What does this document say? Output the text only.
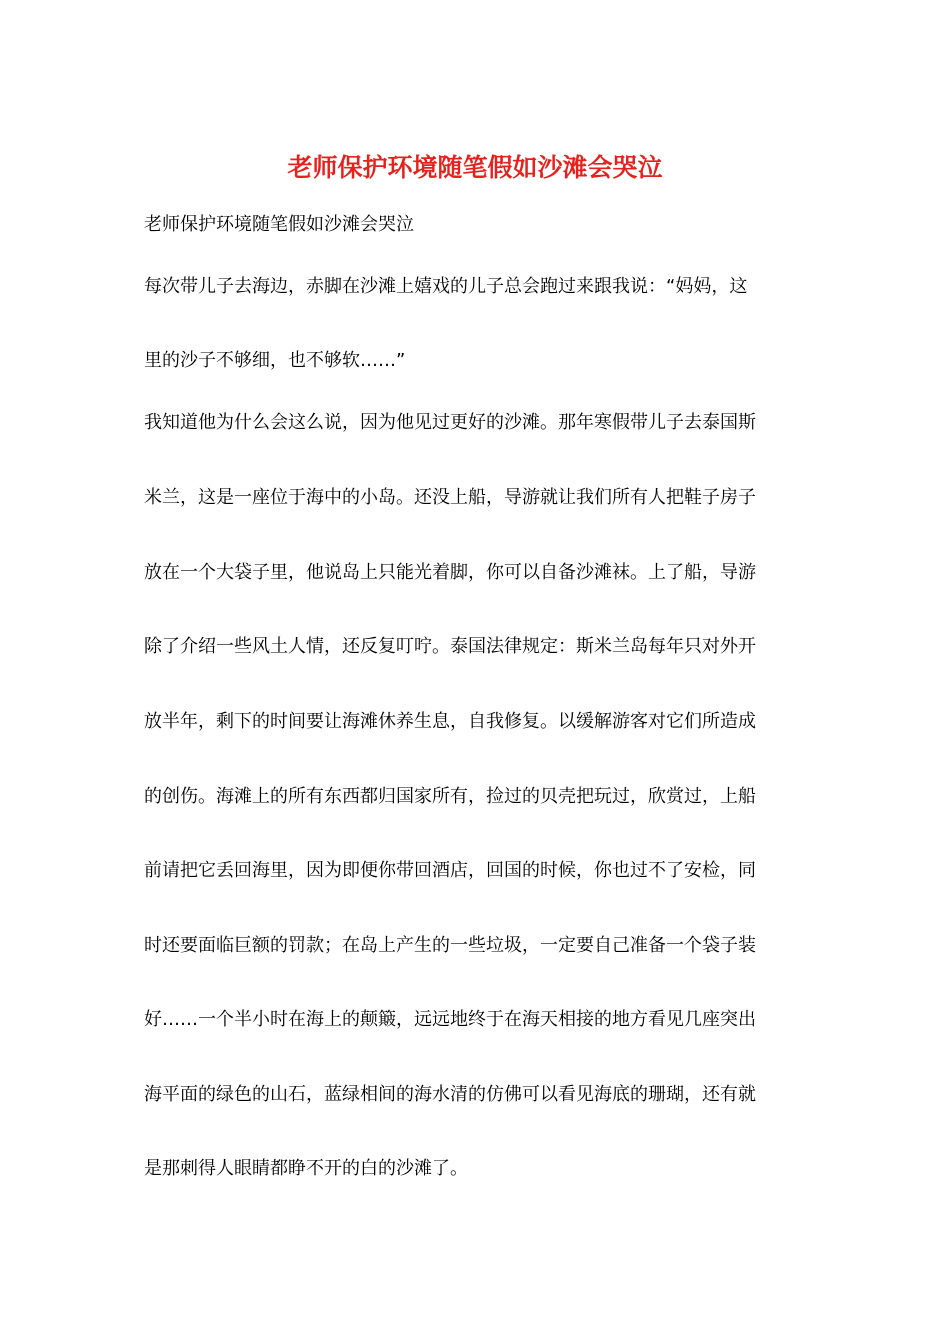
老师保护环境随笔假如沙滩会哭泣

老师保护环境随笔假如沙滩会哭泣

每次带儿子去海边，赤脚在沙滩上嬉戏的儿子总会跑过来跟我说：“妈妈，这

里的沙子不够细，也不够软……”

我知道他为什么会这么说，因为他见过更好的沙滩。那年寒假带儿子去泰国斯

米兰，这是一座位于海中的小岛。还没上船，导游就让我们所有人把鞋子房子

放在一个大袋子里，他说岛上只能光着脚，你可以自备沙滩袜。上了船，导游

除了介绍一些风土人情，还反复叮咛。泰国法律规定：斯米兰岛每年只对外开

放半年，剩下的时间要让海滩休养生息，自我修复。以缓解游客对它们所造成

的创伤。海滩上的所有东西都归国家所有，捡过的贝壳把玩过，欣赏过，上船

前请把它丢回海里，因为即便你带回酒店，回国的时候，你也过不了安检，同

时还要面临巨额的罚款；在岛上产生的一些垃圾，一定要自己准备一个袋子装

好……一个半小时在海上的颠簸，远远地终于在海天相接的地方看见几座突出

海平面的绿色的山石，蓝绿相间的海水清的仿佛可以看见海底的珊瑚，还有就

是那刺得人眼睛都睁不开的白的沙滩了。
